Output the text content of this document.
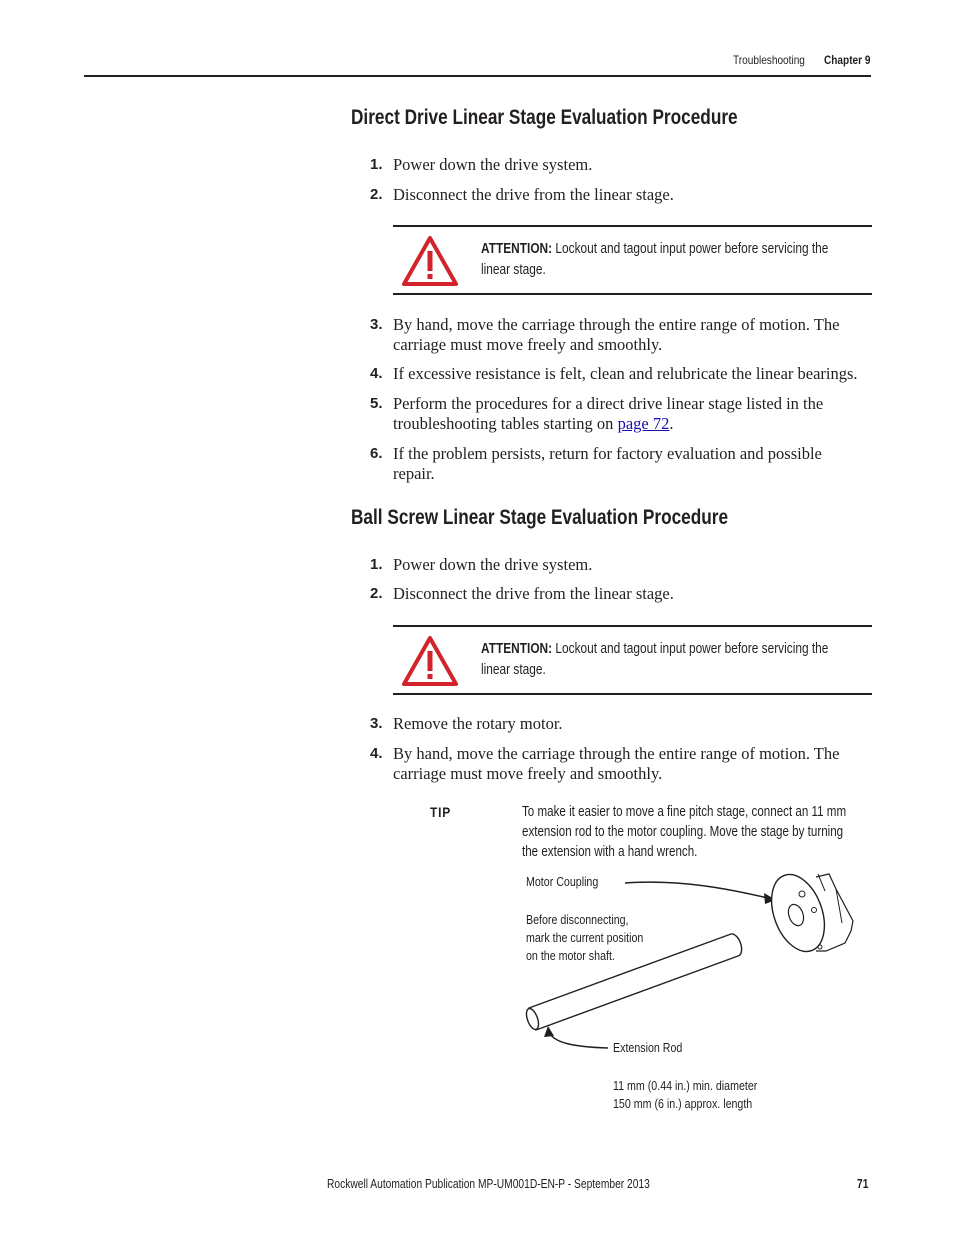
Troubleshooting Chapter 9
Direct Drive Linear Stage Evaluation Procedure
1. Power down the drive system.
2. Disconnect the drive from the linear stage.
ATTENTION: Lockout and tagout input power before servicing the linear stage.
3. By hand, move the carriage through the entire range of motion. The carriage must move freely and smoothly.
4. If excessive resistance is felt, clean and relubricate the linear bearings.
5. Perform the procedures for a direct drive linear stage listed in the troubleshooting tables starting on page 72.
6. If the problem persists, return for factory evaluation and possible repair.
Ball Screw Linear Stage Evaluation Procedure
1. Power down the drive system.
2. Disconnect the drive from the linear stage.
ATTENTION: Lockout and tagout input power before servicing the linear stage.
3. Remove the rotary motor.
4. By hand, move the carriage through the entire range of motion. The carriage must move freely and smoothly.
TIP	To make it easier to move a fine pitch stage, connect an 11 mm extension rod to the motor coupling. Move the stage by turning the extension with a hand wrench.
Motor Coupling
Before disconnecting,
mark the current position
on the motor shaft.
Extension Rod
11 mm (0.44 in.) min. diameter
150 mm (6 in.) approx. length
Rockwell Automation Publication MP-UM001D-EN-P - September 2013	71
